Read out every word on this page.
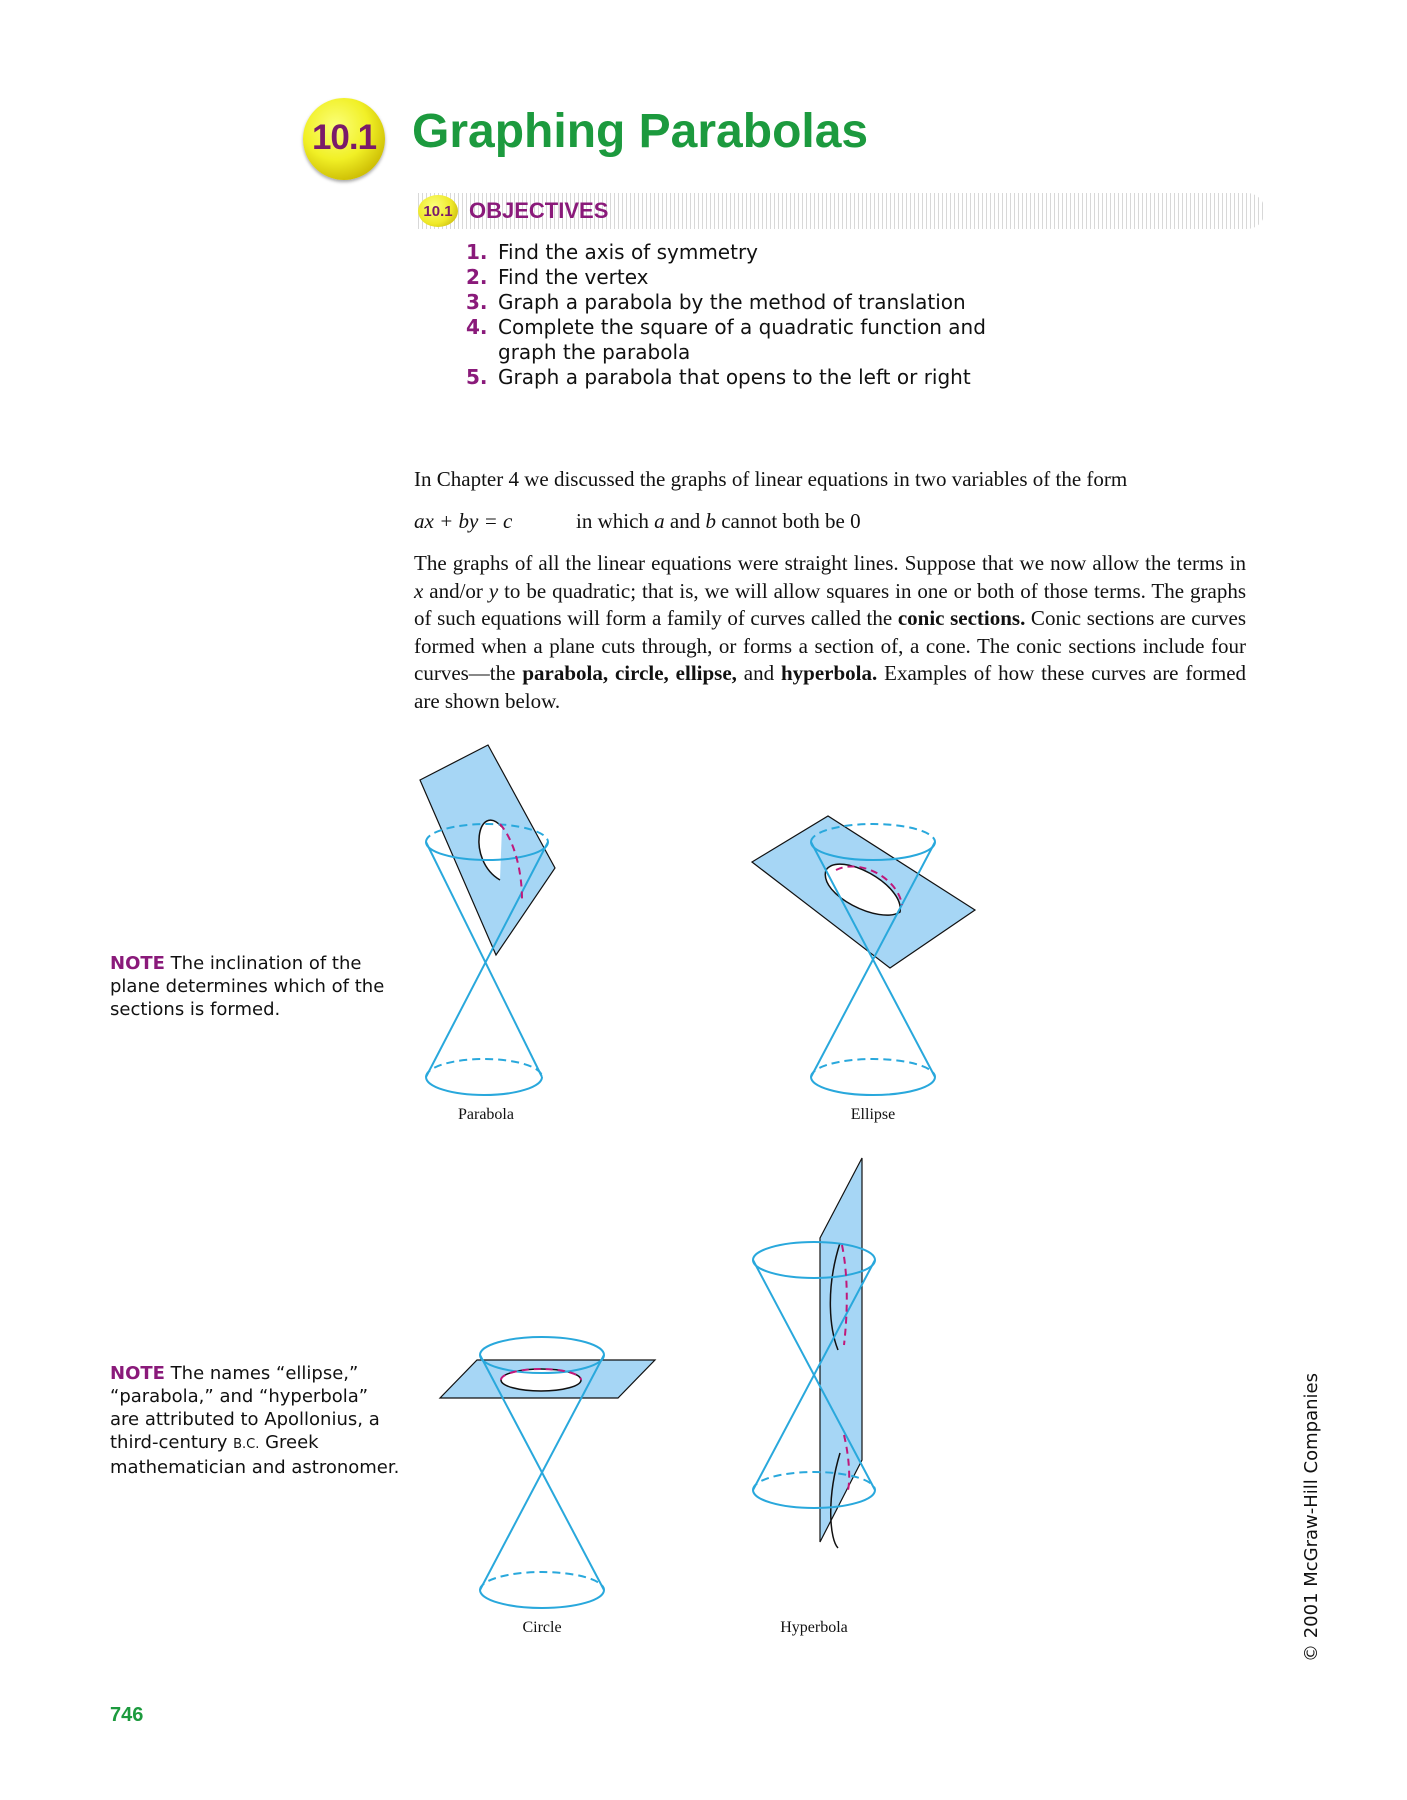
10.1 Graphing Parabolas
10.1 OBJECTIVES
1. Find the axis of symmetry
2. Find the vertex
3. Graph a parabola by the method of translation
4. Complete the square of a quadratic function and graph the parabola
5. Graph a parabola that opens to the left or right
In Chapter 4 we discussed the graphs of linear equations in two variables of the form
ax + by = c	in which a and b cannot both be 0
The graphs of all the linear equations were straight lines. Suppose that we now allow the terms in x and/or y to be quadratic; that is, we will allow squares in one or both of those terms. The graphs of such equations will form a family of curves called the conic sections. Conic sections are curves formed when a plane cuts through, or forms a section of, a cone. The conic sections include four curves—the parabola, circle, ellipse, and hyperbola. Examples of how these curves are formed are shown below.
NOTE The inclination of the plane determines which of the sections is formed.
NOTE The names “ellipse,” “parabola,” and “hyperbola” are attributed to Apollonius, a third-century B.C. Greek mathematician and astronomer.
Parabola	Ellipse
Circle	Hyperbola
746
© 2001 McGraw-Hill Companies
